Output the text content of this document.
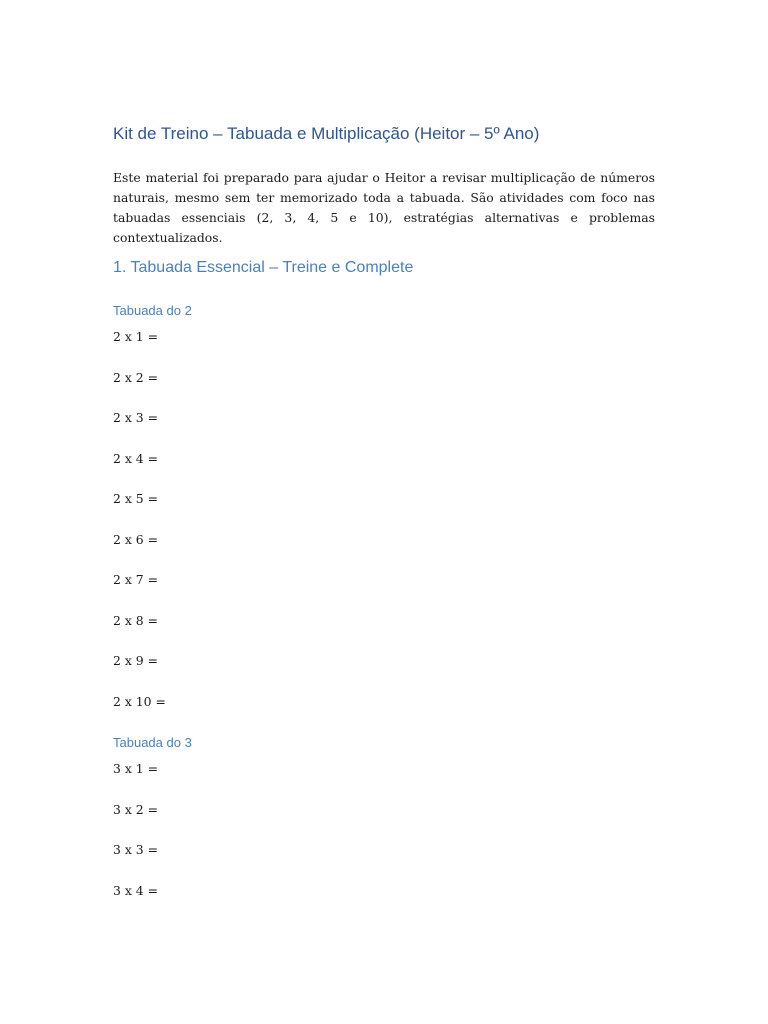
Kit de Treino – Tabuada e Multiplicação (Heitor – 5º Ano)

Este material foi preparado para ajudar o Heitor a revisar multiplicação de números naturais, mesmo sem ter memorizado toda a tabuada. São atividades com foco nas tabuadas essenciais (2, 3, 4, 5 e 10), estratégias alternativas e problemas contextualizados.

1. Tabuada Essencial – Treine e Complete
Tabuada do 2
2 x 1 =
2 x 2 =
2 x 3 =
2 x 4 =
2 x 5 =
2 x 6 =
2 x 7 =
2 x 8 =
2 x 9 =
2 x 10 =
Tabuada do 3
3 x 1 =
3 x 2 =
3 x 3 =
3 x 4 =
